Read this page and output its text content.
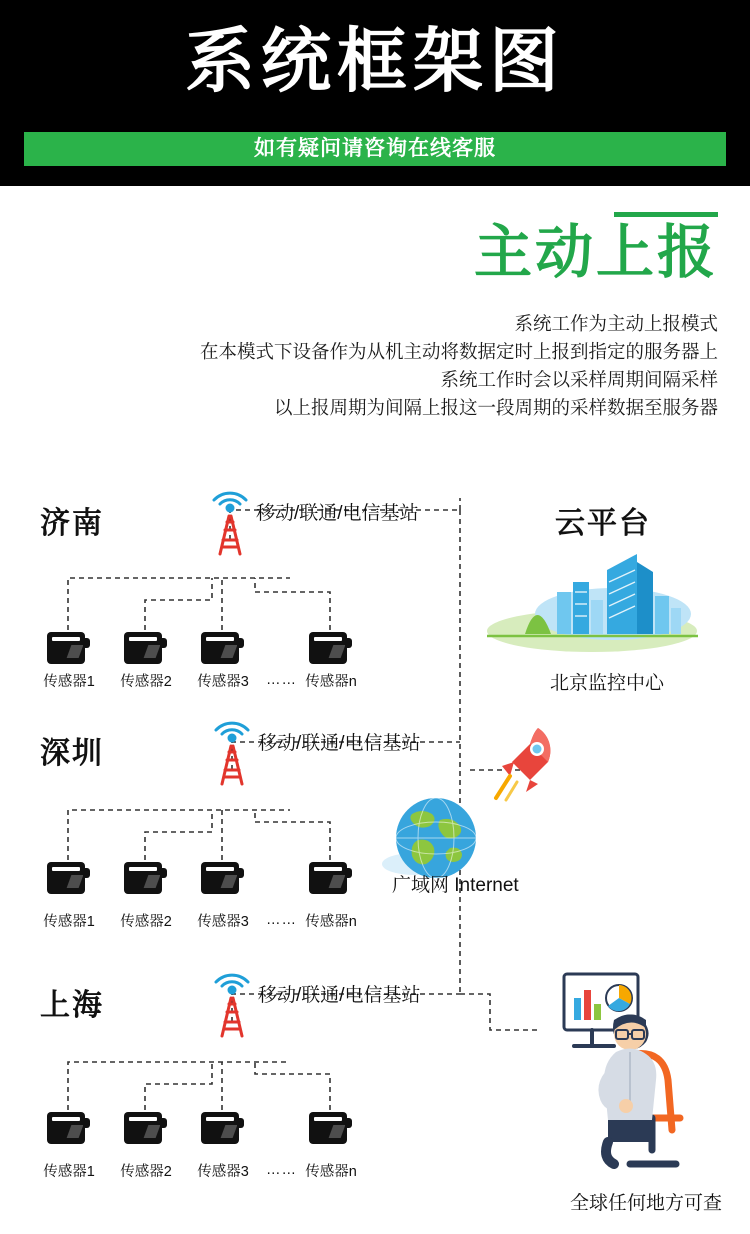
系统框架图
如有疑问请咨询在线客服
主动上报
系统工作为主动上报模式
在本模式下设备作为从机主动将数据定时上报到指定的服务器上
系统工作时会以采样周期间隔采样
以上报周期为间隔上报这一段周期的采样数据至服务器
济南	移动/联通/电信基站
传感器1	传感器2	传感器3	…… 传感器n
云平台
北京监控中心
深圳	移动/联通/电信基站
传感器1	传感器2	传感器3	…… 传感器n
广域网 Internet
上海	移动/联通/电信基站
传感器1	传感器2	传感器3	…… 传感器n
全球任何地方可查
